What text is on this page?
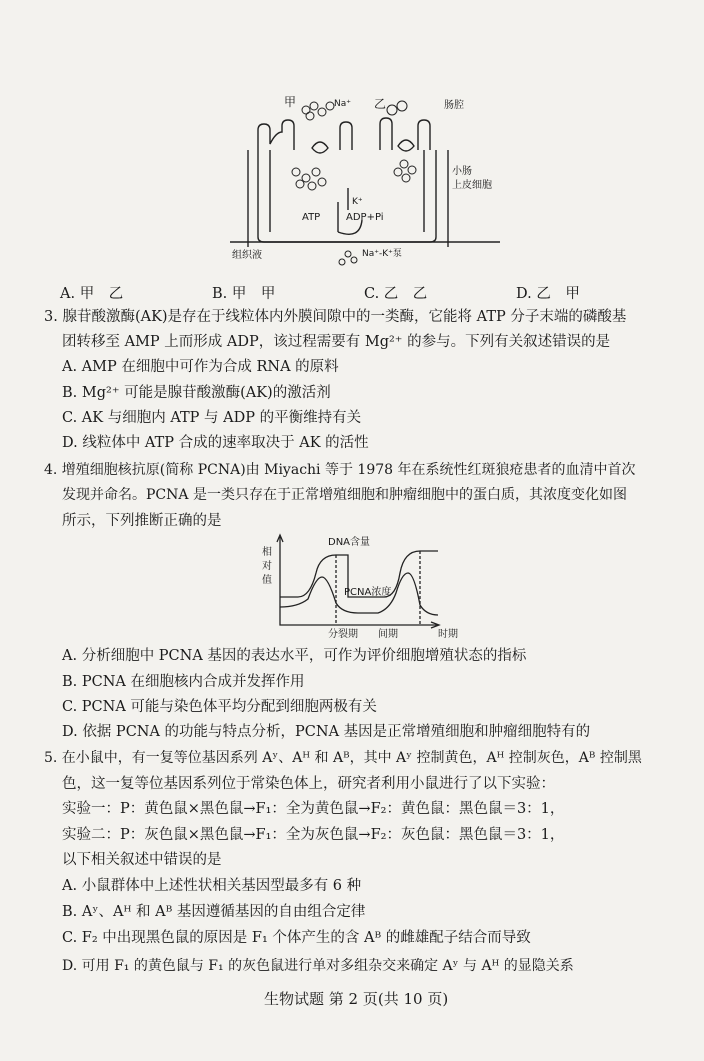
甲	Na⁺ 乙	肠腔
小肠
上皮细胞
K⁺
ATP	ADP+Pi
组织液	Na⁺-K⁺泵
A. 甲　乙	B. 甲　甲	C. 乙　乙	D. 乙　甲
3. 腺苷酸激酶(AK)是存在于线粒体内外膜间隙中的一类酶，它能将 ATP 分子末端的磷酸基
团转移至 AMP 上而形成 ADP，该过程需要有 Mg²⁺ 的参与。下列有关叙述错误的是
A. AMP 在细胞中可作为合成 RNA 的原料
B. Mg²⁺ 可能是腺苷酸激酶(AK)的激活剂
C. AK 与细胞内 ATP 与 ADP 的平衡维持有关
D. 线粒体中 ATP 合成的速率取决于 AK 的活性
4. 增殖细胞核抗原(简称 PCNA)由 Miyachi 等于 1978 年在系统性红斑狼疮患者的血清中首次
发现并命名。PCNA 是一类只存在于正常增殖细胞和肿瘤细胞中的蛋白质，其浓度变化如图
所示，下列推断正确的是
相
对
值
DNA含量
PCNA浓度
分裂期 间期	时期
A. 分析细胞中 PCNA 基因的表达水平，可作为评价细胞增殖状态的指标
B. PCNA 在细胞核内合成并发挥作用
C. PCNA 可能与染色体平均分配到细胞两极有关
D. 依据 PCNA 的功能与特点分析，PCNA 基因是正常增殖细胞和肿瘤细胞特有的
5. 在小鼠中，有一复等位基因系列 Aʸ、Aᴴ 和 Aᴮ，其中 Aʸ 控制黄色，Aᴴ 控制灰色，Aᴮ 控制黑
色，这一复等位基因系列位于常染色体上，研究者利用小鼠进行了以下实验：
实验一：P：黄色鼠×黑色鼠→F₁：全为黄色鼠→F₂：黄色鼠：黑色鼠＝3：1，
实验二：P：灰色鼠×黑色鼠→F₁：全为灰色鼠→F₂：灰色鼠：黑色鼠＝3：1，
以下相关叙述中错误的是
A. 小鼠群体中上述性状相关基因型最多有 6 种
B. Aʸ、Aᴴ 和 Aᴮ 基因遵循基因的自由组合定律
C. F₂ 中出现黑色鼠的原因是 F₁ 个体产生的含 Aᴮ 的雌雄配子结合而导致
D. 可用 F₁ 的黄色鼠与 F₁ 的灰色鼠进行单对多组杂交来确定 Aʸ 与 Aᴴ 的显隐关系
生物试题 第 2 页(共 10 页)
